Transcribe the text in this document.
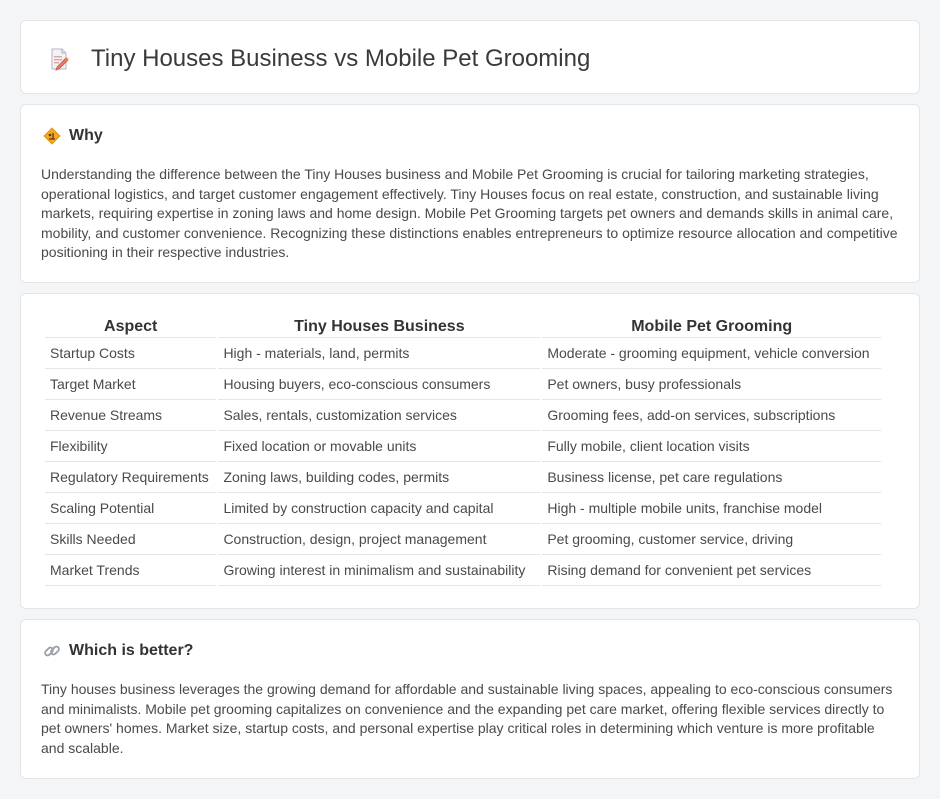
Tiny Houses Business vs Mobile Pet Grooming
Why

Understanding the difference between the Tiny Houses business and Mobile Pet Grooming is crucial for tailoring marketing strategies, operational logistics, and target customer engagement effectively. Tiny Houses focus on real estate, construction, and sustainable living markets, requiring expertise in zoning laws and home design. Mobile Pet Grooming targets pet owners and demands skills in animal care, mobility, and customer convenience. Recognizing these distinctions enables entrepreneurs to optimize resource allocation and competitive positioning in their respective industries.

Aspect	Tiny Houses Business	Mobile Pet Grooming
Startup Costs	High - materials, land, permits	Moderate - grooming equipment, vehicle conversion
Target Market	Housing buyers, eco-conscious consumers	Pet owners, busy professionals
Revenue Streams	Sales, rentals, customization services	Grooming fees, add-on services, subscriptions
Flexibility	Fixed location or movable units	Fully mobile, client location visits
Regulatory Requirements	Zoning laws, building codes, permits	Business license, pet care regulations
Scaling Potential	Limited by construction capacity and capital	High - multiple mobile units, franchise model
Skills Needed	Construction, design, project management	Pet grooming, customer service, driving
Market Trends	Growing interest in minimalism and sustainability	Rising demand for convenient pet services
Which is better?

Tiny houses business leverages the growing demand for affordable and sustainable living spaces, appealing to eco-conscious consumers and minimalists. Mobile pet grooming capitalizes on convenience and the expanding pet care market, offering flexible services directly to pet owners' homes. Market size, startup costs, and personal expertise play critical roles in determining which venture is more profitable and scalable.
